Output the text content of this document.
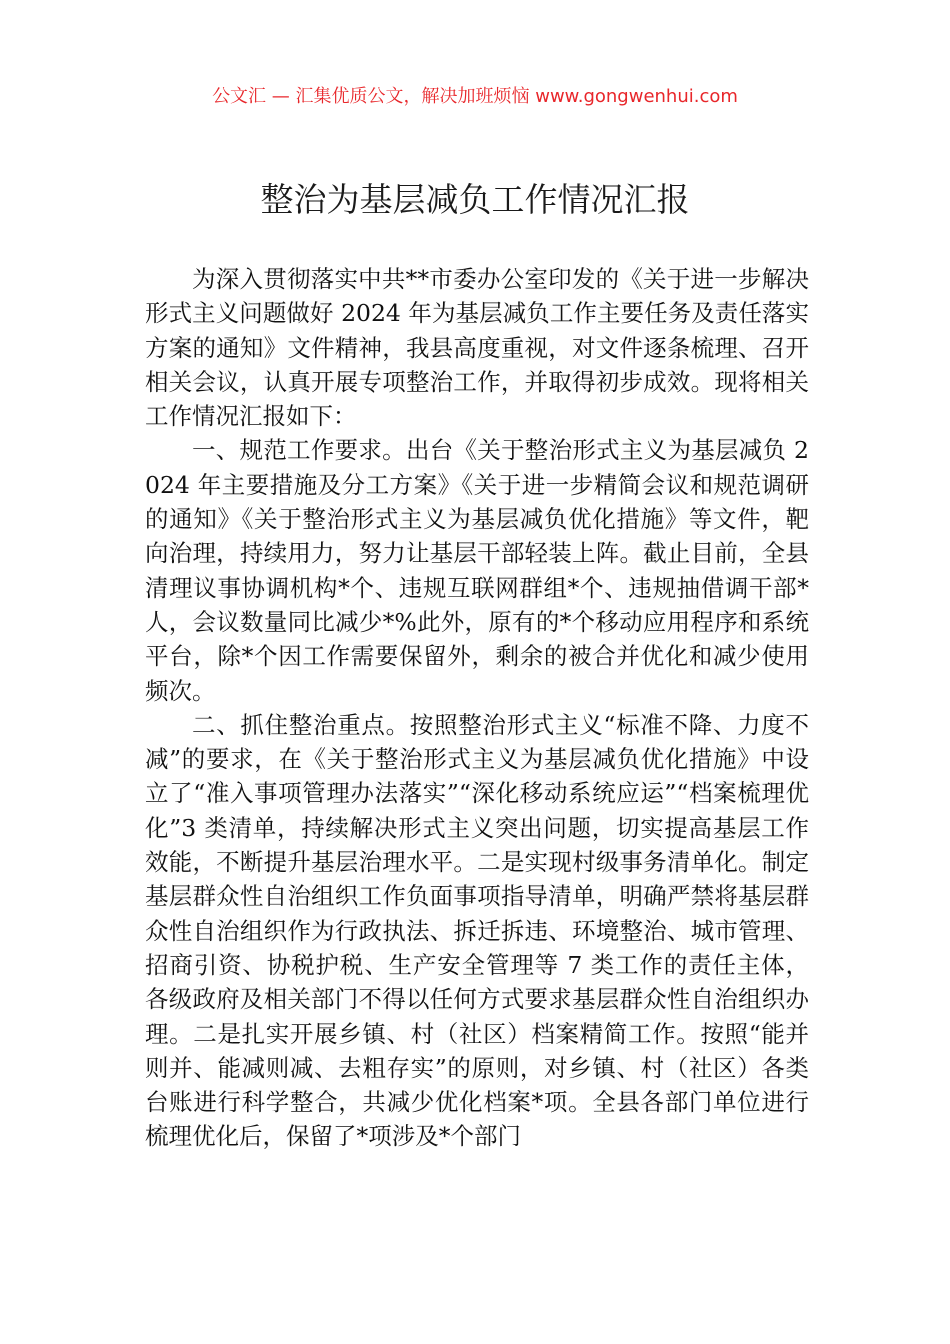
公文汇 — 汇集优质公文，解决加班烦恼 www.gongwenhui.com
整治为基层减负工作情况汇报

为深入贯彻落实中共**市委办公室印发的《关于进一步解决形式主义问题做好 2024 年为基层减负工作主要任务及责任落实方案的通知》文件精神，我县高度重视，对文件逐条梳理、召开相关会议，认真开展专项整治工作，并取得初步成效。现将相关工作情况汇报如下：

一、规范工作要求。出台《关于整治形式主义为基层减负 2024 年主要措施及分工方案》《关于进一步精简会议和规范调研的通知》《关于整治形式主义为基层减负优化措施》等文件，靶向治理，持续用力，努力让基层干部轻装上阵。截止目前，全县清理议事协调机构*个、违规互联网群组*个、违规抽借调干部*人，会议数量同比减少*%此外，原有的*个移动应用程序和系统平台，除*个因工作需要保留外，剩余的被合并优化和减少使用频次。

二、抓住整治重点。按照整治形式主义“标准不降、力度不减”的要求，在《关于整治形式主义为基层减负优化措施》中设立了“准入事项管理办法落实”“深化移动系统应运”“档案梳理优化”3 类清单，持续解决形式主义突出问题，切实提高基层工作效能，不断提升基层治理水平。二是实现村级事务清单化。制定基层群众性自治组织工作负面事项指导清单，明确严禁将基层群众性自治组织作为行政执法、拆迁拆违、环境整治、城市管理、招商引资、协税护税、生产安全管理等 7 类工作的责任主体，各级政府及相关部门不得以任何方式要求基层群众性自治组织办理。二是扎实开展乡镇、村（社区）档案精简工作。按照“能并则并、能减则减、去粗存实”的原则，对乡镇、村（社区）各类台账进行科学整合，共减少优化档案*项。全县各部门单位进行梳理优化后，保留了*项涉及*个部门
